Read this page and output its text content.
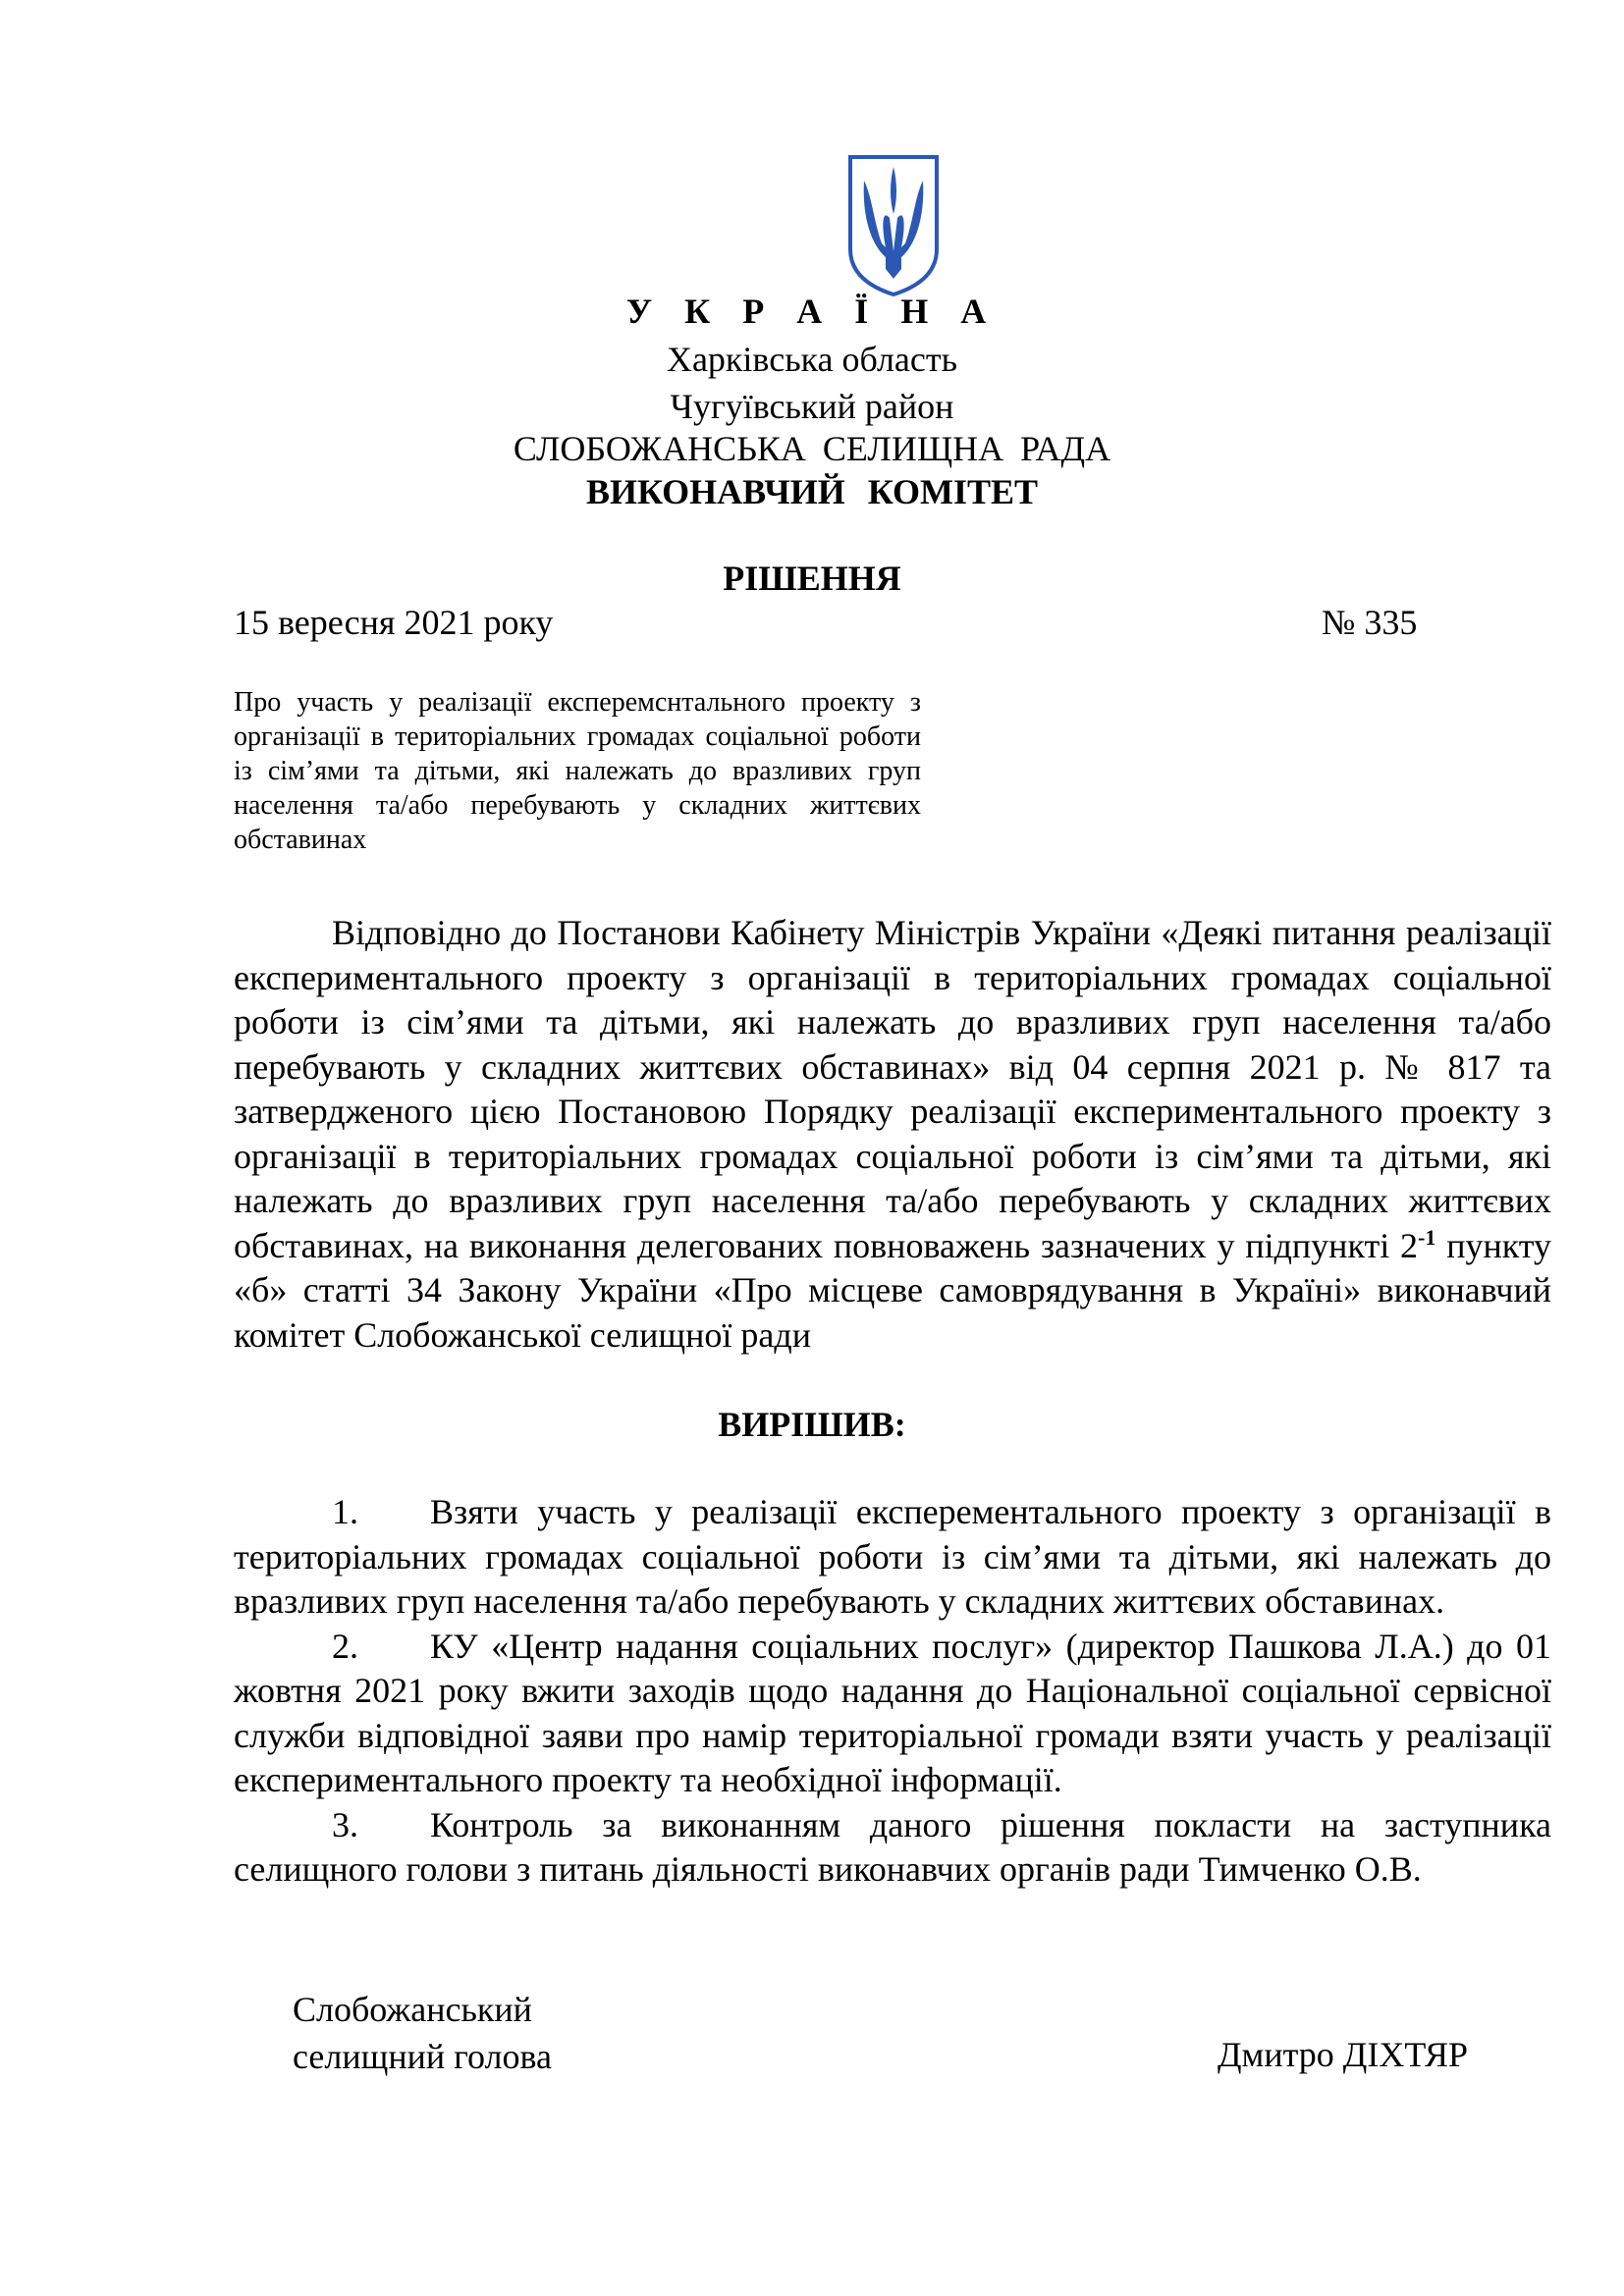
У К Р А Ї Н А
Харківська область
Чугуївський район
СЛОБОЖАНСЬКА СЕЛИЩНА РАДА
ВИКОНАВЧИЙ КОМІТЕТ
РІШЕННЯ
15 вересня 2021 року	№ 335
Про участь у реалізації експеремснтального проекту з організації в територіальних громадах соціальної роботи із сім’ями та дітьми, які належать до вразливих груп населення та/або перебувають у складних життєвих обставинах
Відповідно до Постанови Кабінету Міністрів України «Деякі питання реалізації експериментального проекту з організації в територіальних громадах соціальної роботи із сім’ями та дітьми, які належать до вразливих груп населення та/або перебувають у складних життєвих обставинах» від 04 серпня 2021 р. № 817 та затвердженого цією Постановою Порядку реалізації експериментального проекту з організації в територіальних громадах соціальної роботи із сім’ями та дітьми, які належать до вразливих груп населення та/або перебувають у складних життєвих обставинах, на виконання делегованих повноважень зазначених у підпункті $2^{-1}$ пункту «б» статті 34 Закону України «Про місцеве самоврядування в Україні» виконавчий комітет Слобожанської селищної ради
ВИРІШИВ:
1. Взяти участь у реалізації експерементального проекту з організації в територіальних громадах соціальної роботи із сім’ями та дітьми, які належать до вразливих груп населення та/або перебувають у складних життєвих обставинах.
2. КУ «Центр надання соціальних послуг» (директор Пашкова Л.А.) до 01 жовтня 2021 року вжити заходів щодо надання до Національної соціальної сервісної служби відповідної заяви про намір територіальної громади взяти участь у реалізації експериментального проекту та необхідної інформації.
3. Контроль за виконанням даного рішення покласти на заступника селищного голови з питань діяльності виконавчих органів ради Тимченко О.В.
Слобожанський
селищний голова	Дмитро ДІХТЯР
